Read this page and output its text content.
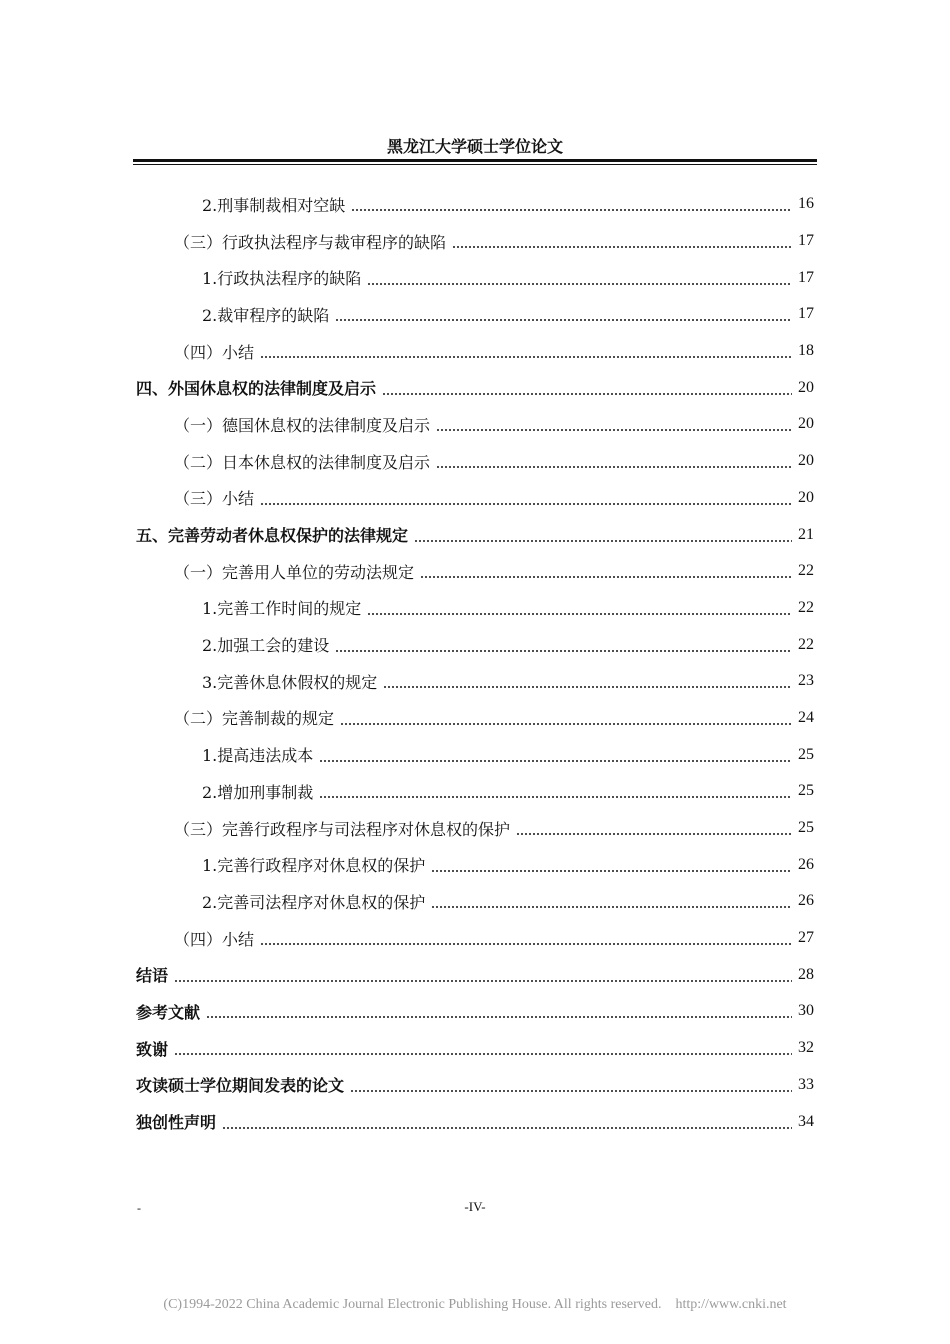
黑龙江大学硕士学位论文
2.刑事制裁相对空缺	16
（三）行政执法程序与裁审程序的缺陷	17
1.行政执法程序的缺陷	17
2.裁审程序的缺陷	17
（四）小结	18
四、外国休息权的法律制度及启示	20
（一）德国休息权的法律制度及启示	20
（二）日本休息权的法律制度及启示	20
（三）小结	20
五、完善劳动者休息权保护的法律规定	21
（一）完善用人单位的劳动法规定	22
1.完善工作时间的规定	22
2.加强工会的建设	22
3.完善休息休假权的规定	23
（二）完善制裁的规定	24
1.提高违法成本	25
2.增加刑事制裁	25
（三）完善行政程序与司法程序对休息权的保护	25
1.完善行政程序对休息权的保护	26
2.完善司法程序对休息权的保护	26
（四）小结	27
结语	28
参考文献	30
致谢	32
攻读硕士学位期间发表的论文	33
独创性声明	34
-	-IV-
(C)1994-2022 China Academic Journal Electronic Publishing House. All rights reserved.    http://www.cnki.net
